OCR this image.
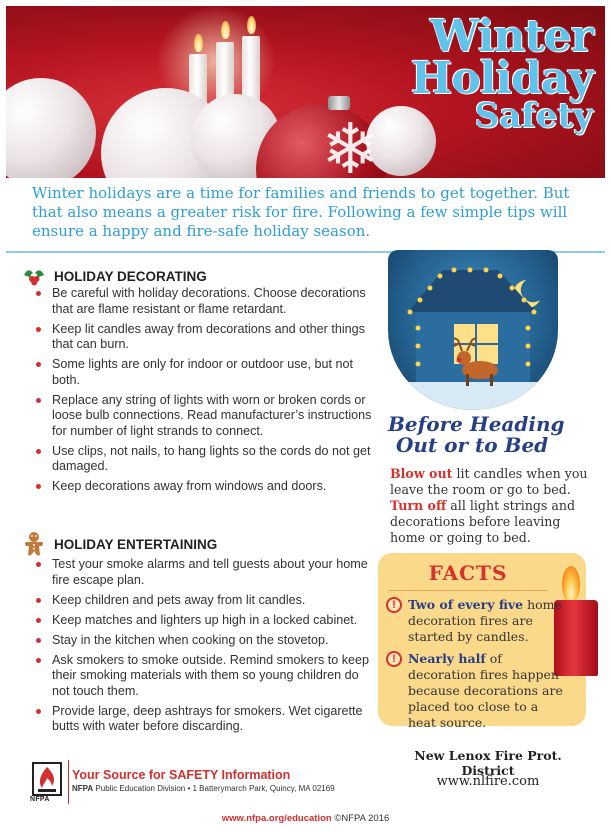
❄
Winter
Holiday
Safety

Winter holidays are a time for families and friends to get together. But that also means a greater risk for fire. Following a few simple tips will ensure a happy and fire-safe holiday season.

HOLIDAY DECORATING
Be careful with holiday decorations. Choose decorations that are flame resistant or flame retardant.
Keep lit candles away from decorations and other things that can burn.
Some lights are only for indoor or outdoor use, but not both.
Replace any string of lights with worn or broken cords or loose bulb connections. Read manufacturer’s instructions for number of light strands to connect.
Use clips, not nails, to hang lights so the cords do not get damaged.
Keep decorations away from windows and doors.
HOLIDAY ENTERTAINING
Test your smoke alarms and tell guests about your home fire escape plan.
Keep children and pets away from lit candles.
Keep matches and lighters up high in a locked cabinet.
Stay in the kitchen when cooking on the stovetop.
Ask smokers to smoke outside. Remind smokers to keep their smoking materials with them so young children do not touch them.
Provide large, deep ashtrays for smokers. Wet cigarette butts with water before discarding.
Before Heading
Out or to Bed

Blow out lit candles when you leave the room or go to bed. Turn off all light strings and decorations before leaving home or going to bed.

FACTS

! Two of every five home decoration fires are started by candles.

! Nearly half of decoration fires happen because decorations are placed too close to a heat source.

New Lenox Fire Prot. District
www.nlfire.com
NFPA
Your Source for SAFETY Information
NFPA Public Education Division • 1 Batterymarch Park, Quincy, MA 02169
www.nfpa.org/education ©NFPA 2016
